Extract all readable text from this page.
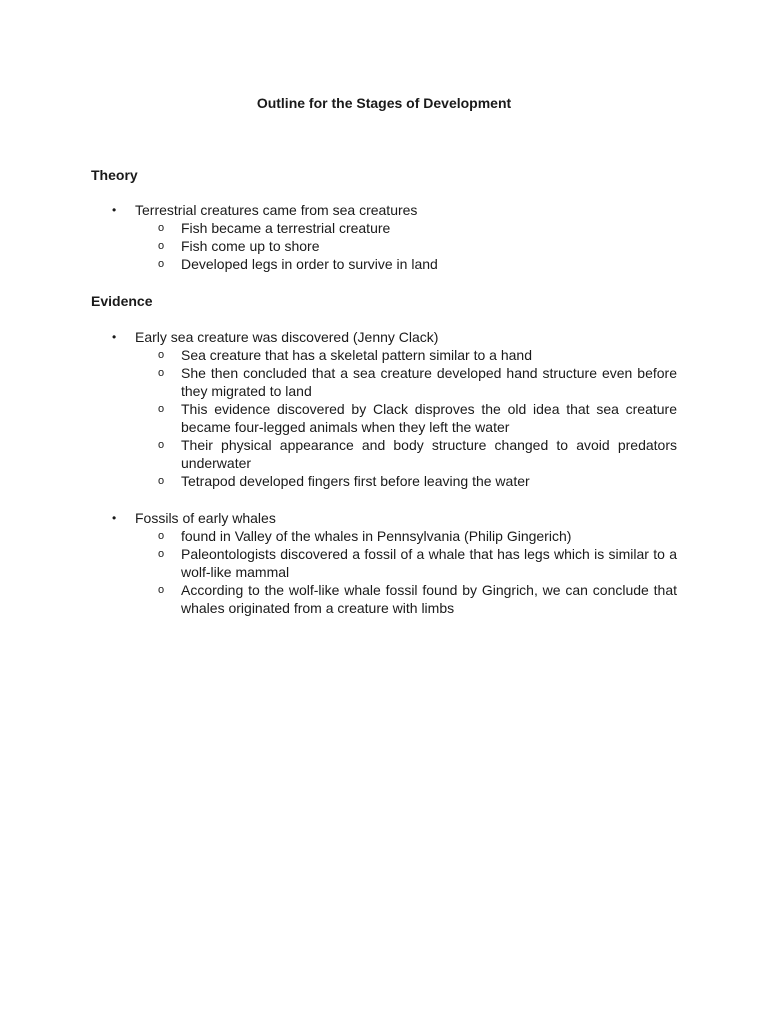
Outline for the Stages of Development
Theory
• Terrestrial creatures came from sea creatures
o Fish became a terrestrial creature
o Fish come up to shore
o Developed legs in order to survive in land
Evidence
• Early sea creature was discovered (Jenny Clack)
o Sea creature that has a skeletal pattern similar to a hand
o She then concluded that a sea creature developed hand structure even before they migrated to land
o This evidence discovered by Clack disproves the old idea that sea creature became four-legged animals when they left the water
o Their physical appearance and body structure changed to avoid predators underwater
o Tetrapod developed fingers first before leaving the water
• Fossils of early whales
o found in Valley of the whales in Pennsylvania (Philip Gingerich)
o Paleontologists discovered a fossil of a whale that has legs which is similar to a wolf-like mammal
o According to the wolf-like whale fossil found by Gingrich, we can conclude that whales originated from a creature with limbs
